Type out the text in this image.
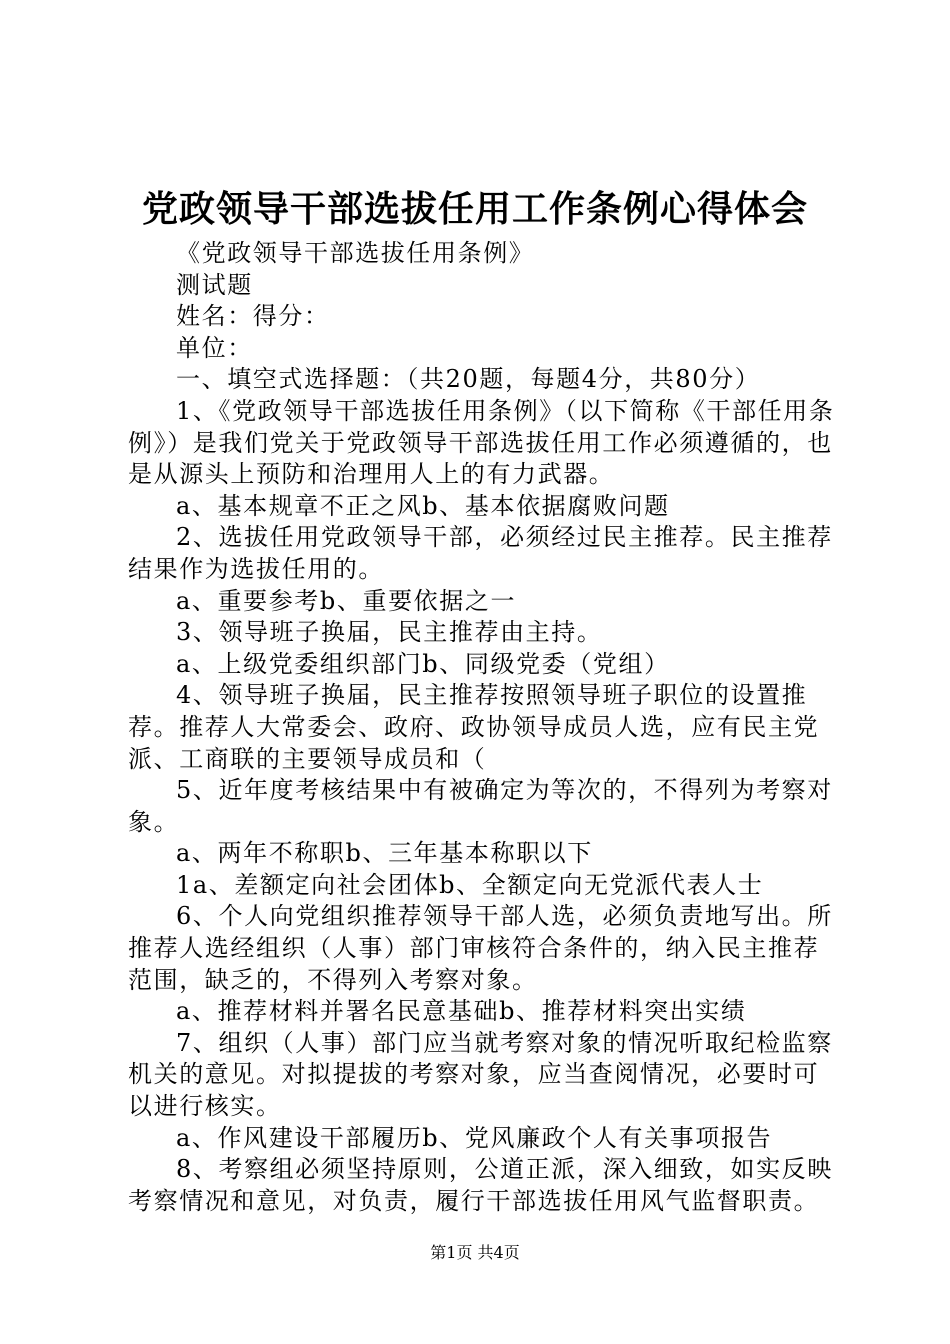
党政领导干部选拔任用工作条例心得体会

《党政领导干部选拔任用条例》

测试题

姓名：得分：

单位：

一、填空式选择题：（共20题，每题4分，共80分）

1、《党政领导干部选拔任用条例》（以下简称《干部任用条例》）是我们党关于党政领导干部选拔任用工作必须遵循的，也是从源头上预防和治理用人上的有力武器。

a、基本规章不正之风b、基本依据腐败问题

2、选拔任用党政领导干部，必须经过民主推荐。民主推荐结果作为选拔任用的。

a、重要参考b、重要依据之一

3、领导班子换届，民主推荐由主持。

a、上级党委组织部门b、同级党委（党组）

4、领导班子换届，民主推荐按照领导班子职位的设置推荐。推荐人大常委会、政府、政协领导成员人选，应有民主党派、工商联的主要领导成员和（

5、近年度考核结果中有被确定为等次的，不得列为考察对象。

a、两年不称职b、三年基本称职以下

1a、差额定向社会团体b、全额定向无党派代表人士

6、个人向党组织推荐领导干部人选，必须负责地写出。所推荐人选经组织（人事）部门审核符合条件的，纳入民主推荐范围，缺乏的，不得列入考察对象。

a、推荐材料并署名民意基础b、推荐材料突出实绩

7、组织（人事）部门应当就考察对象的情况听取纪检监察机关的意见。对拟提拔的考察对象，应当查阅情况，必要时可以进行核实。

a、作风建设干部履历b、党风廉政个人有关事项报告

8、考察组必须坚持原则，公道正派，深入细致，如实反映考察情况和意见，对负责，履行干部选拔任用风气监督职责。

第1页 共4页
